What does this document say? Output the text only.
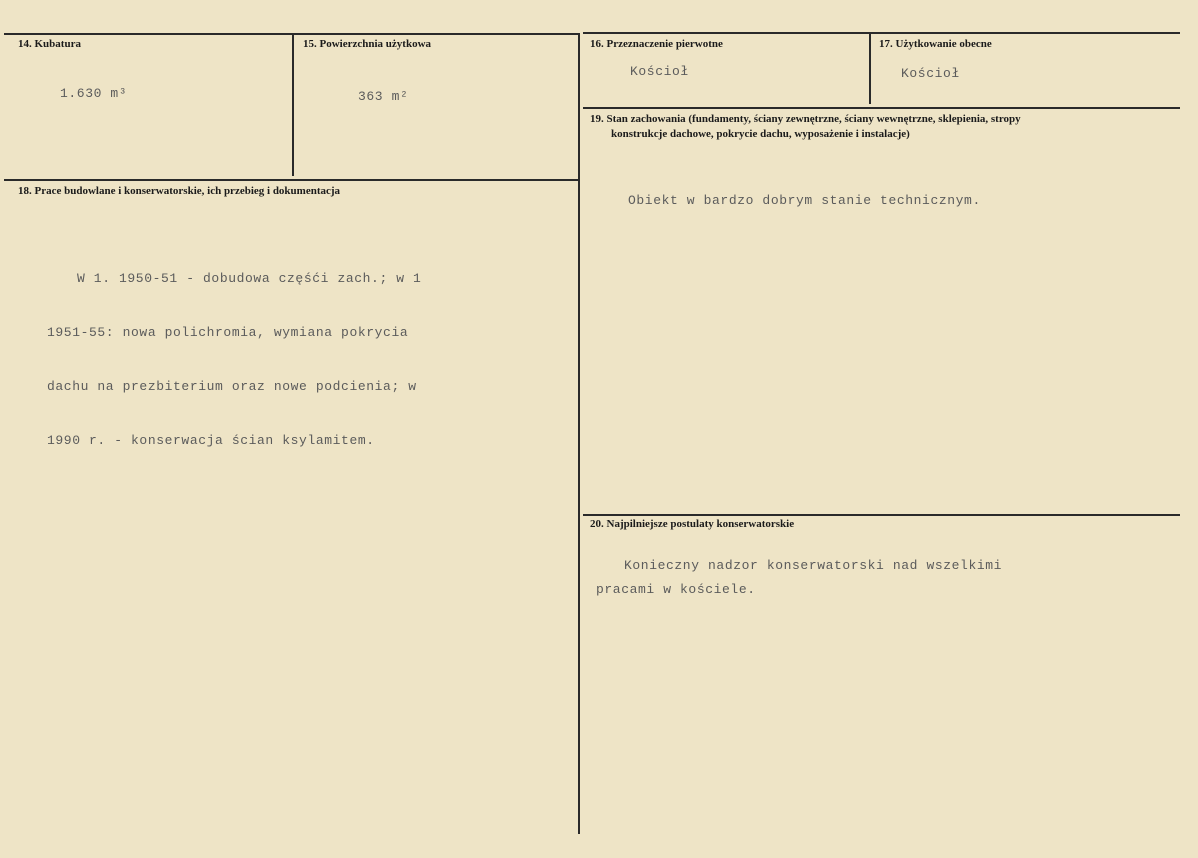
14. Kubatura
1.630 m³
15. Powierzchnia użytkowa
363 m²
16. Przeznaczenie pierwotne
Kościoł
17. Użytkowanie obecne
Kościoł
18. Prace budowlane i konserwatorskie, ich przebieg i dokumentacja

W 1. 1950-51 - dobudowa częśći zach.; w 1

1951-55: nowa polichromia, wymiana pokrycia

dachu na prezbiterium oraz nowe podcienia; w

1990 r. - konserwacja ścian ksylamitem.

19. Stan zachowania (fundamenty, ściany zewnętrzne, ściany wewnętrzne, sklepienia, stropy
konstrukcje dachowe, pokrycie dachu, wyposażenie i instalacje)
Obiekt w bardzo dobrym stanie technicznym.
20. Najpilniejsze postulaty konserwatorskie
Konieczny nadzor konserwatorski nad wszelkimi
pracami w kościele.
